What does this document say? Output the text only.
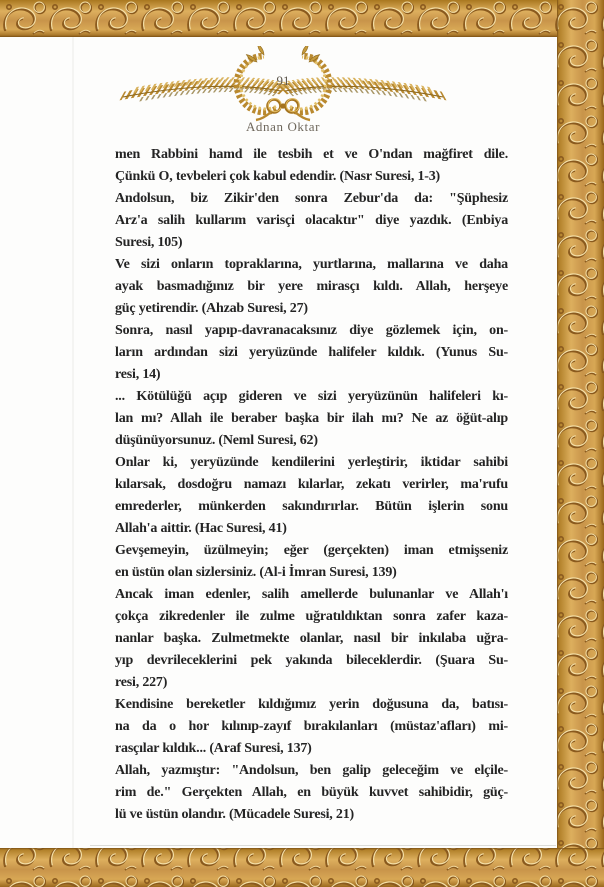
91
Adnan Oktar
men Rabbini hamd ile tesbih et ve O'ndan mağfiret dile.
Çünkü O, tevbeleri çok kabul edendir. (Nasr Suresi, 1-3)
Andolsun, biz Zikir'den sonra Zebur'da da: "Şüphesiz
Arz'a salih kullarım varisçi olacaktır" diye yazdık. (Enbiya
Suresi, 105)
Ve sizi onların topraklarına, yurtlarına, mallarına ve daha
ayak basmadığınız bir yere mirasçı kıldı. Allah, herşeye
güç yetirendir. (Ahzab Suresi, 27)
Sonra, nasıl yapıp-davranacaksınız diye gözlemek için, on-
ların ardından sizi yeryüzünde halifeler kıldık. (Yunus Su-
resi, 14)
... Kötülüğü açıp gideren ve sizi yeryüzünün halifeleri kı-
lan mı? Allah ile beraber başka bir ilah mı? Ne az öğüt-alıp
düşünüyorsunuz. (Neml Suresi, 62)
Onlar ki, yeryüzünde kendilerini yerleştirir, iktidar sahibi
kılarsak, dosdoğru namazı kılarlar, zekatı verirler, ma'rufu
emrederler, münkerden sakındırırlar. Bütün işlerin sonu
Allah'a aittir. (Hac Suresi, 41)
Gevşemeyin, üzülmeyin; eğer (gerçekten) iman etmişseniz
en üstün olan sizlersiniz. (Al-i İmran Suresi, 139)
Ancak iman edenler, salih amellerde bulunanlar ve Allah'ı
çokça zikredenler ile zulme uğratıldıktan sonra zafer kaza-
nanlar başka. Zulmetmekte olanlar, nasıl bir inkılaba uğra-
yıp devrileceklerini pek yakında bileceklerdir. (Şuara Su-
resi, 227)
Kendisine bereketler kıldığımız yerin doğusuna da, batısı-
na da o hor kılınıp-zayıf bırakılanları (müstaz'afları) mi-
rasçılar kıldık... (Araf Suresi, 137)
Allah, yazmıştır: "Andolsun, ben galip geleceğim ve elçile-
rim de." Gerçekten Allah, en büyük kuvvet sahibidir, güç-
lü ve üstün olandır. (Mücadele Suresi, 21)
